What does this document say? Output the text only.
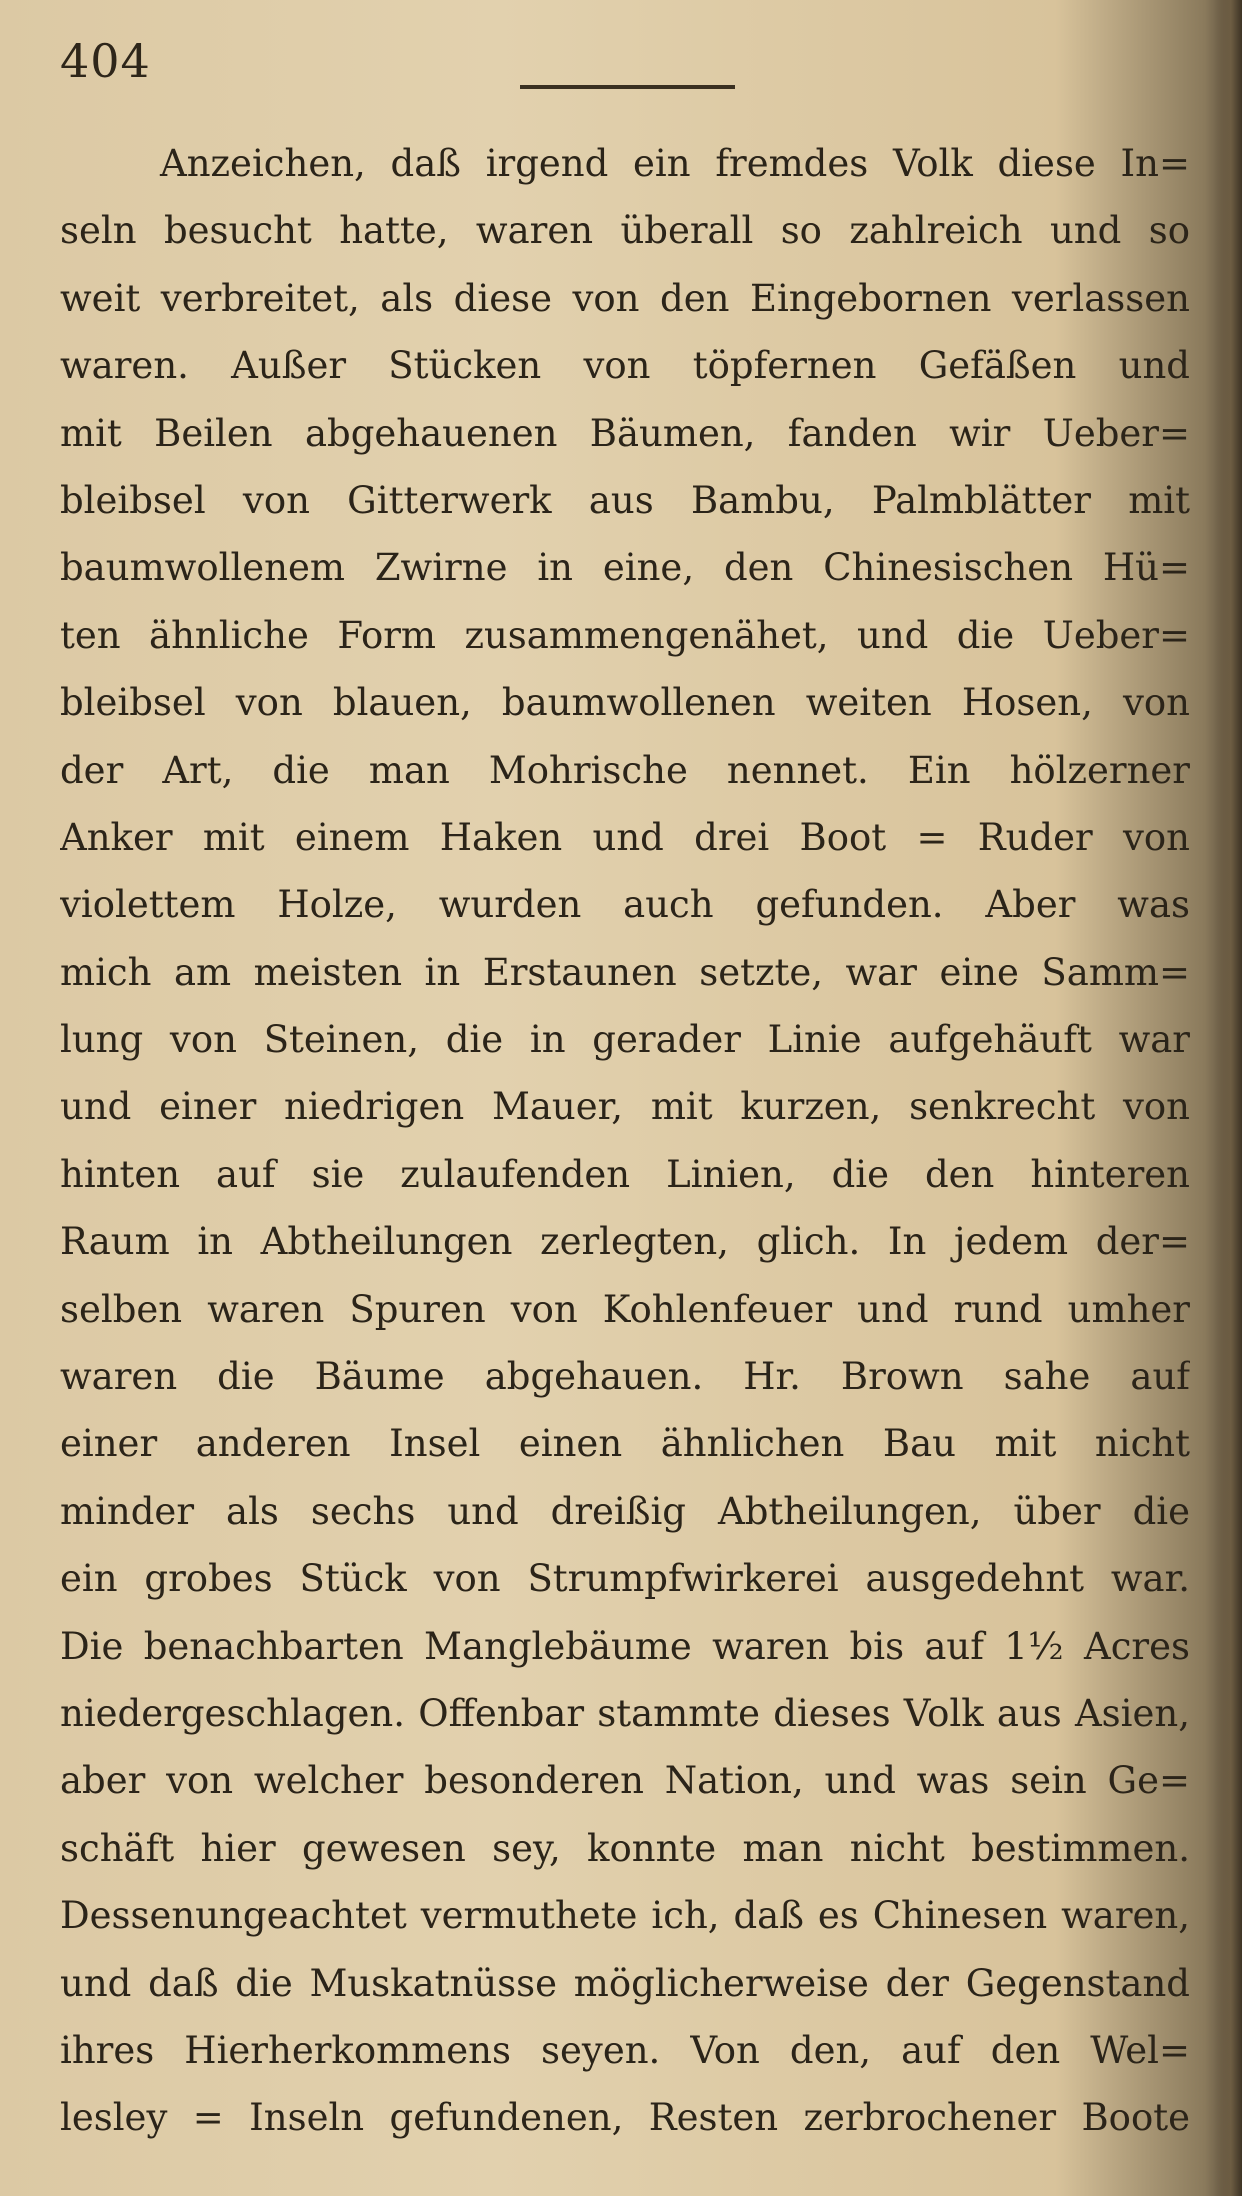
404
Anzeichen, daß irgend ein fremdes Volk diese In=
seln besucht hatte, waren überall so zahlreich und so
weit verbreitet, als diese von den Eingebornen verlassen
waren. Außer Stücken von töpfernen Gefäßen und
mit Beilen abgehauenen Bäumen, fanden wir Ueber=
bleibsel von Gitterwerk aus Bambu, Palmblätter mit
baumwollenem Zwirne in eine, den Chinesischen Hü=
ten ähnliche Form zusammengenähet, und die Ueber=
bleibsel von blauen, baumwollenen weiten Hosen, von
der Art, die man Mohrische nennet. Ein hölzerner
Anker mit einem Haken und drei Boot = Ruder von
violettem Holze, wurden auch gefunden. Aber was
mich am meisten in Erstaunen setzte, war eine Samm=
lung von Steinen, die in gerader Linie aufgehäuft war
und einer niedrigen Mauer, mit kurzen, senkrecht von
hinten auf sie zulaufenden Linien, die den hinteren
Raum in Abtheilungen zerlegten, glich. In jedem der=
selben waren Spuren von Kohlenfeuer und rund umher
waren die Bäume abgehauen. Hr. Brown sahe auf
einer anderen Insel einen ähnlichen Bau mit nicht
minder als sechs und dreißig Abtheilungen, über die
ein grobes Stück von Strumpfwirkerei ausgedehnt war.
Die benachbarten Manglebäume waren bis auf 1½ Acres
niedergeschlagen. Offenbar stammte dieses Volk aus Asien,
aber von welcher besonderen Nation, und was sein Ge=
schäft hier gewesen sey, konnte man nicht bestimmen.
Dessenungeachtet vermuthete ich, daß es Chinesen waren,
und daß die Muskatnüsse möglicherweise der Gegenstand
ihres Hierherkommens seyen. Von den, auf den Wel=
lesley = Inseln gefundenen, Resten zerbrochener Boote
